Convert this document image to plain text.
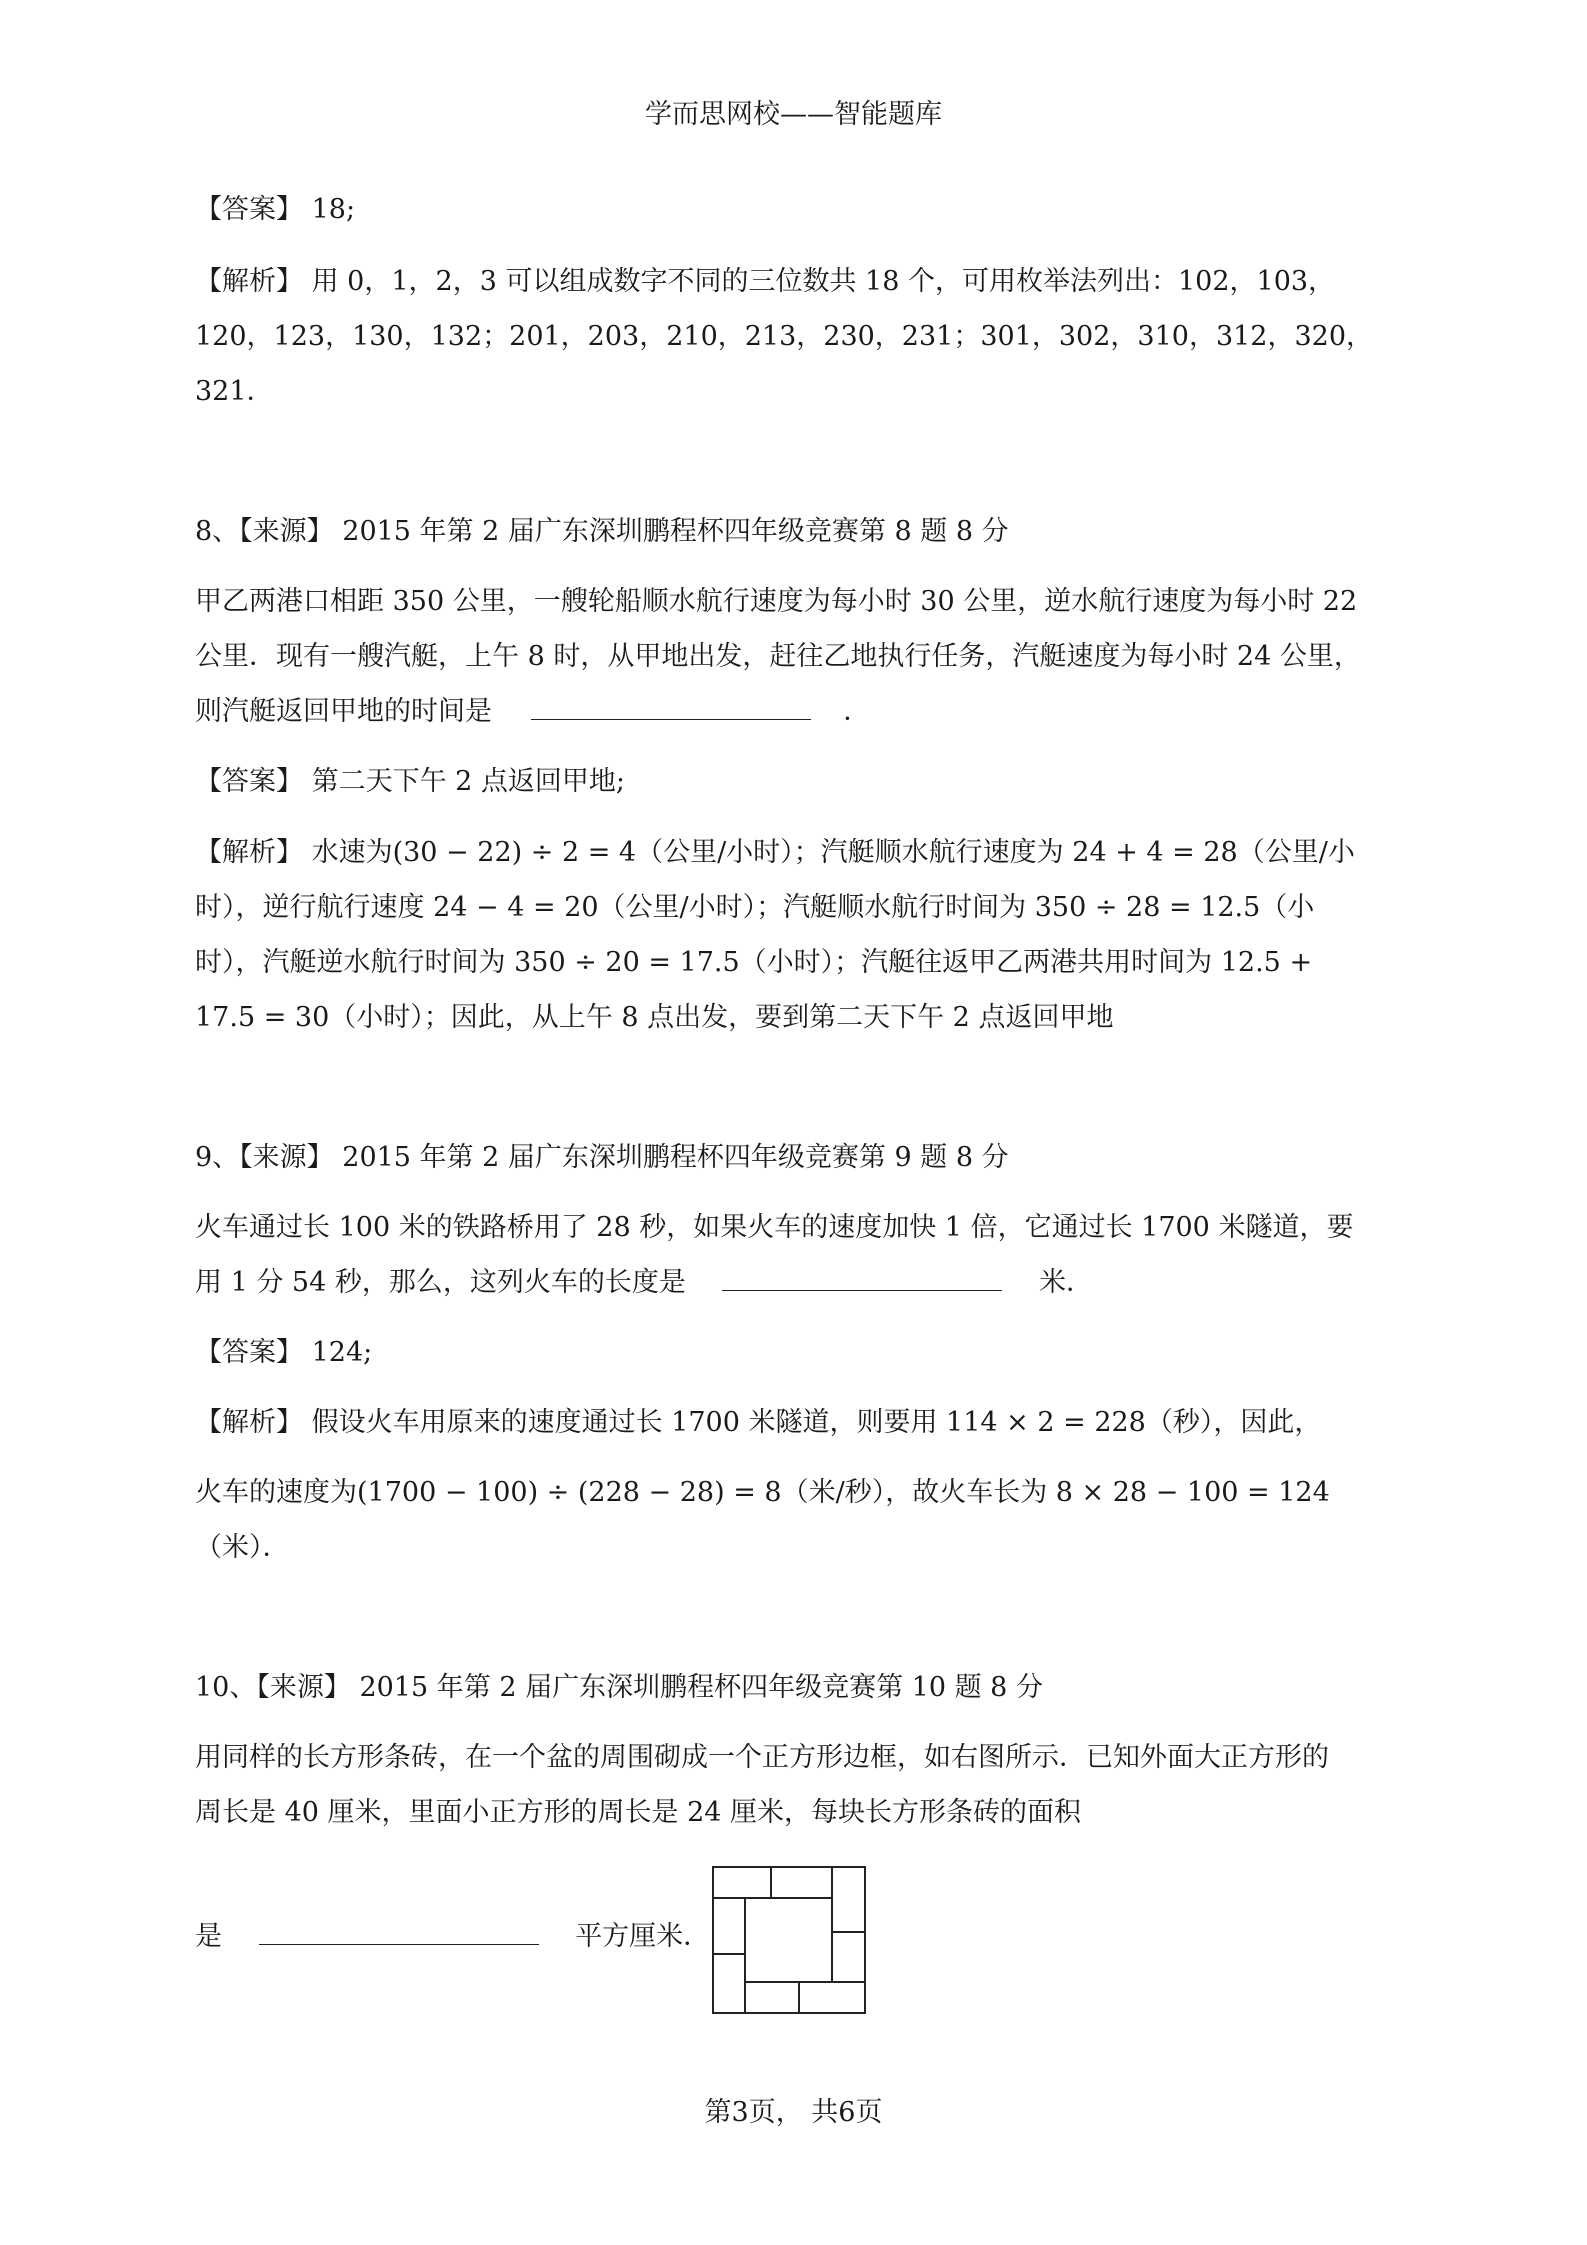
学而思网校——智能题库
【答案】 18;
【解析】 用 0，1，2，3 可以组成数字不同的三位数共 18 个，可用枚举法列出：102，103，
120，123，130，132；201，203，210，213，230，231；301，302，310，312，320，
321．
8、【来源】 2015 年第 2 届广东深圳鹏程杯四年级竞赛第 8 题 8 分
甲乙两港口相距 350 公里，一艘轮船顺水航行速度为每小时 30 公里，逆水航行速度为每小时 22
公里．现有一艘汽艇，上午 8 时，从甲地出发，赶往乙地执行任务，汽艇速度为每小时 24 公里，
则汽艇返回甲地的时间是	．
【答案】 第二天下午 2 点返回甲地;
【解析】 水速为(30 − 22) ÷ 2 = 4（公里/小时）；汽艇顺水航行速度为 24 + 4 = 28（公里/小
时），逆行航行速度 24 − 4 = 20（公里/小时）；汽艇顺水航行时间为 350 ÷ 28 = 12.5（小
时），汽艇逆水航行时间为 350 ÷ 20 = 17.5（小时）；汽艇往返甲乙两港共用时间为 12.5 +
17.5 = 30（小时）；因此，从上午 8 点出发，要到第二天下午 2 点返回甲地
9、【来源】 2015 年第 2 届广东深圳鹏程杯四年级竞赛第 9 题 8 分
火车通过长 100 米的铁路桥用了 28 秒，如果火车的速度加快 1 倍，它通过长 1700 米隧道，要
用 1 分 54 秒，那么，这列火车的长度是	米．
【答案】 124;
【解析】 假设火车用原来的速度通过长 1700 米隧道，则要用 114 × 2 = 228（秒），因此，
火车的速度为(1700 − 100) ÷ (228 − 28) = 8（米/秒），故火车长为 8 × 28 − 100 = 124
（米）．
10、【来源】 2015 年第 2 届广东深圳鹏程杯四年级竞赛第 10 题 8 分
用同样的长方形条砖，在一个盆的周围砌成一个正方形边框，如右图所示．已知外面大正方形的
周长是 40 厘米，里面小正方形的周长是 24 厘米，每块长方形条砖的面积
是	平方厘米．
第3页， 共6页
